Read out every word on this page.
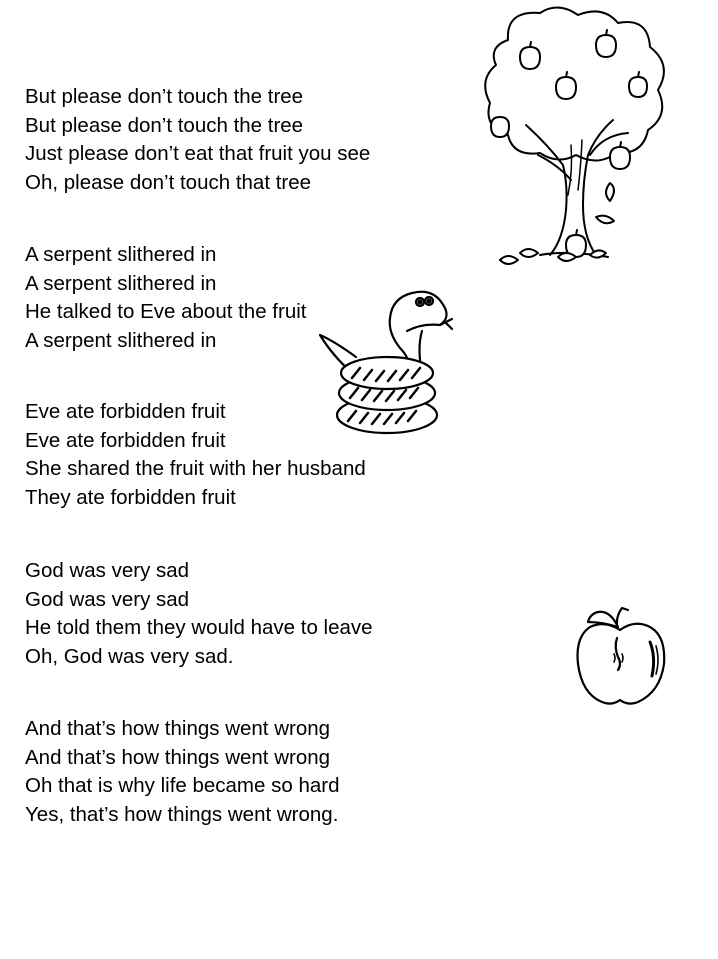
But please don’t touch the tree
But please don’t touch the tree
Just please don’t eat that fruit you see
Oh, please don’t touch that tree
A serpent slithered in
A serpent slithered in
He talked to Eve about the fruit
A serpent slithered in
Eve ate forbidden fruit
Eve ate forbidden fruit
She shared the fruit with her husband
They ate forbidden fruit
God was very sad
God was very sad
He told them they would have to leave
Oh, God was very sad.
And that’s how things went wrong
And that’s how things went wrong
Oh that is why life became so hard
Yes, that’s how things went wrong.
